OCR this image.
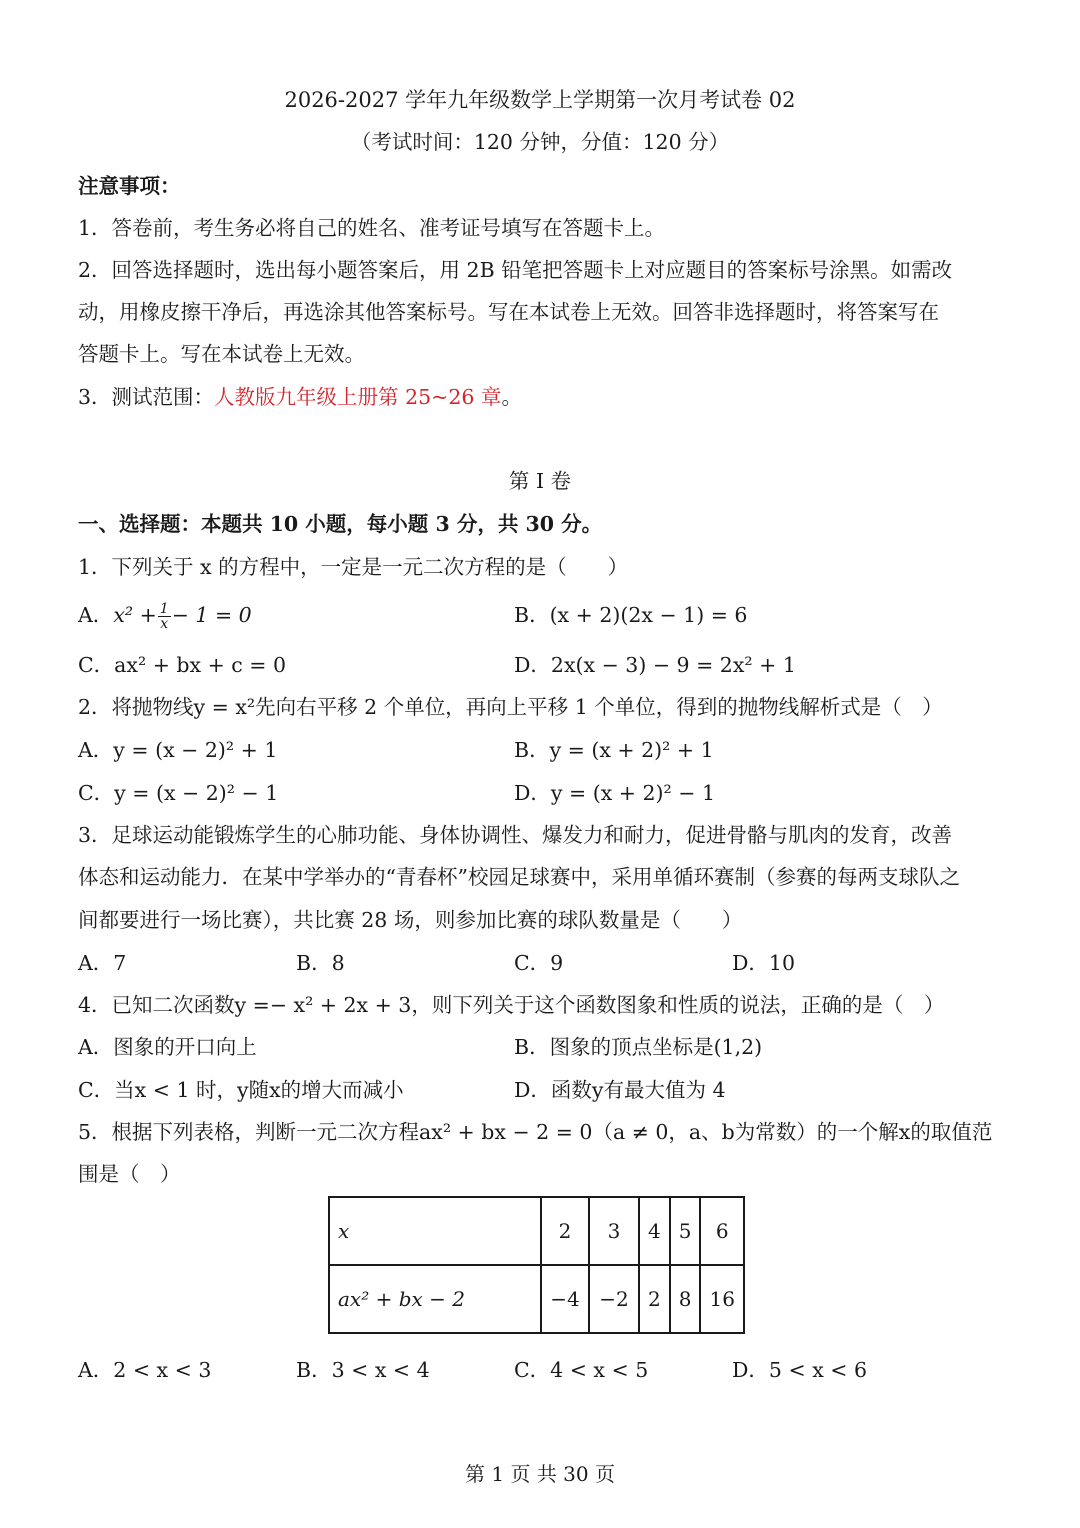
2026-2027 学年九年级数学上学期第一次月考试卷 02
（考试时间：120 分钟，分值：120 分）
注意事项：
1．答卷前，考生务必将自己的姓名、准考证号填写在答题卡上。
2．回答选择题时，选出每小题答案后，用 2B 铅笔把答题卡上对应题目的答案标号涂黑。如需改
动，用橡皮擦干净后，再选涂其他答案标号。写在本试卷上无效。回答非选择题时，将答案写在
答题卡上。写在本试卷上无效。
3．测试范围：人教版九年级上册第 25~26 章。
第 I 卷
一、选择题：本题共 10 小题，每小题 3 分，共 30 分。
1．下列关于 x 的方程中，一定是一元二次方程的是（　　）
A．$x^2 + \frac{1}{x} - 1 = 0$	B．(x + 2)(2x − 1) = 6
C．ax² + bx + c = 0	D．2x(x − 3) − 9 = 2x² + 1
2．将抛物线y = x²先向右平移 2 个单位，再向上平移 1 个单位，得到的抛物线解析式是（　）
A．y = (x − 2)² + 1	B．y = (x + 2)² + 1
C．y = (x − 2)² − 1	D．y = (x + 2)² − 1
3．足球运动能锻炼学生的心肺功能、身体协调性、爆发力和耐力，促进骨骼与肌肉的发育，改善
体态和运动能力．在某中学举办的“青春杯”校园足球赛中，采用单循环赛制（参赛的每两支球队之
间都要进行一场比赛），共比赛 28 场，则参加比赛的球队数量是（　　）
A．7	B．8	C．9	D．10
4．已知二次函数y =− x² + 2x + 3，则下列关于这个函数图象和性质的说法，正确的是（　）
A．图象的开口向上	B．图象的顶点坐标是(1,2)
C．当x < 1 时，y随x的增大而减小	D．函数y有最大值为 4
5．根据下列表格，判断一元二次方程ax² + bx − 2 = 0（a ≠ 0，a、b为常数）的一个解x的取值范
围是（　）
x	2	3	4	5	6
ax² + bx − 2	−4	−2	2	8	16
A．2 < x < 3	B．3 < x < 4	C．4 < x < 5	D．5 < x < 6
第 1 页 共 30 页
